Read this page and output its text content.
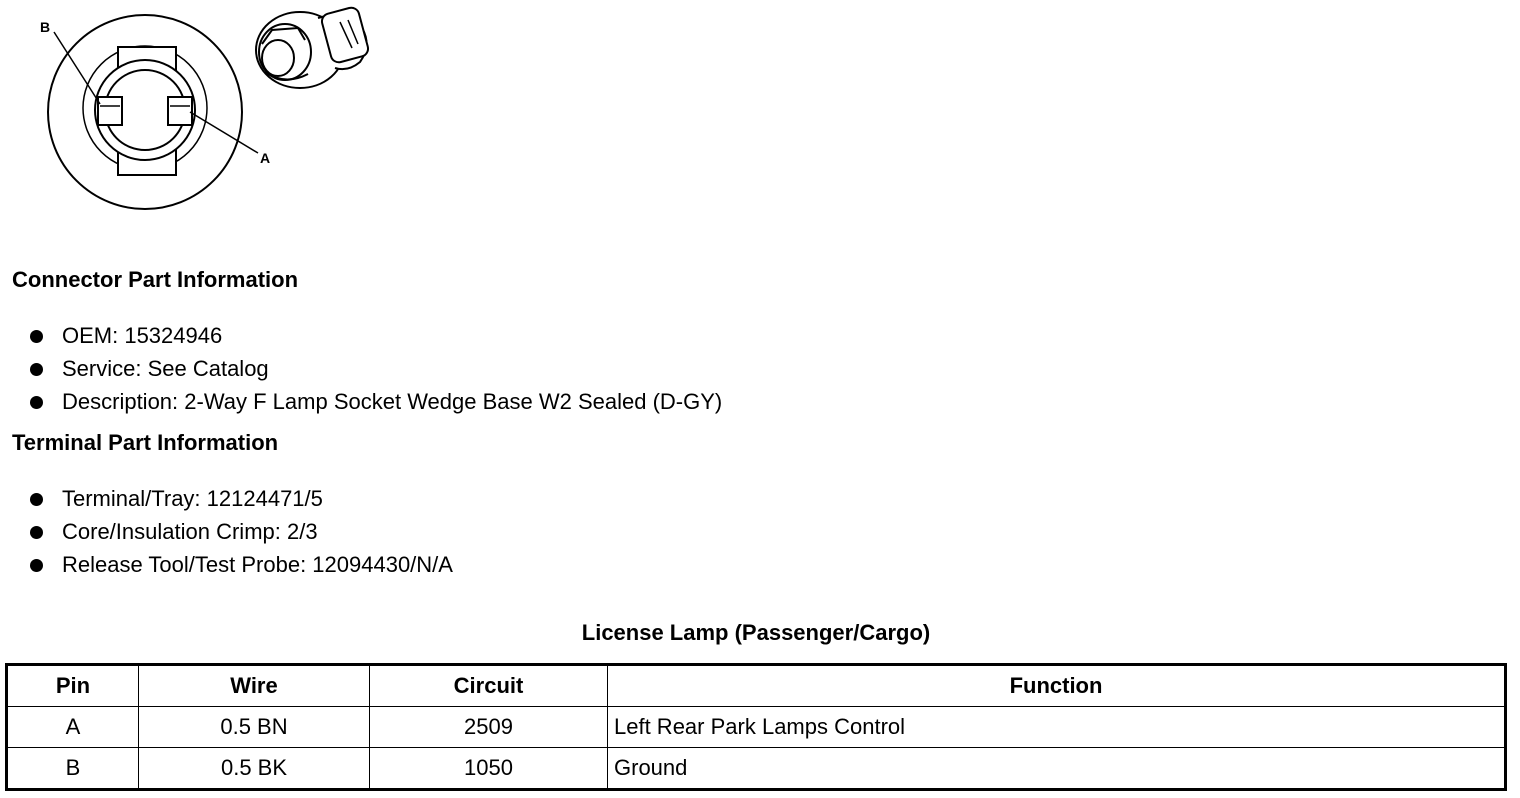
B
A
Connector Part Information
OEM: 15324946
Service: See Catalog
Description: 2-Way F Lamp Socket Wedge Base W2 Sealed (D-GY)
Terminal Part Information
Terminal/Tray: 12124471/5
Core/Insulation Crimp: 2/3
Release Tool/Test Probe: 12094430/N/A
License Lamp (Passenger/Cargo)
Pin	Wire	Circuit	Function
A	0.5 BN	2509	Left Rear Park Lamps Control
B	0.5 BK	1050	Ground
